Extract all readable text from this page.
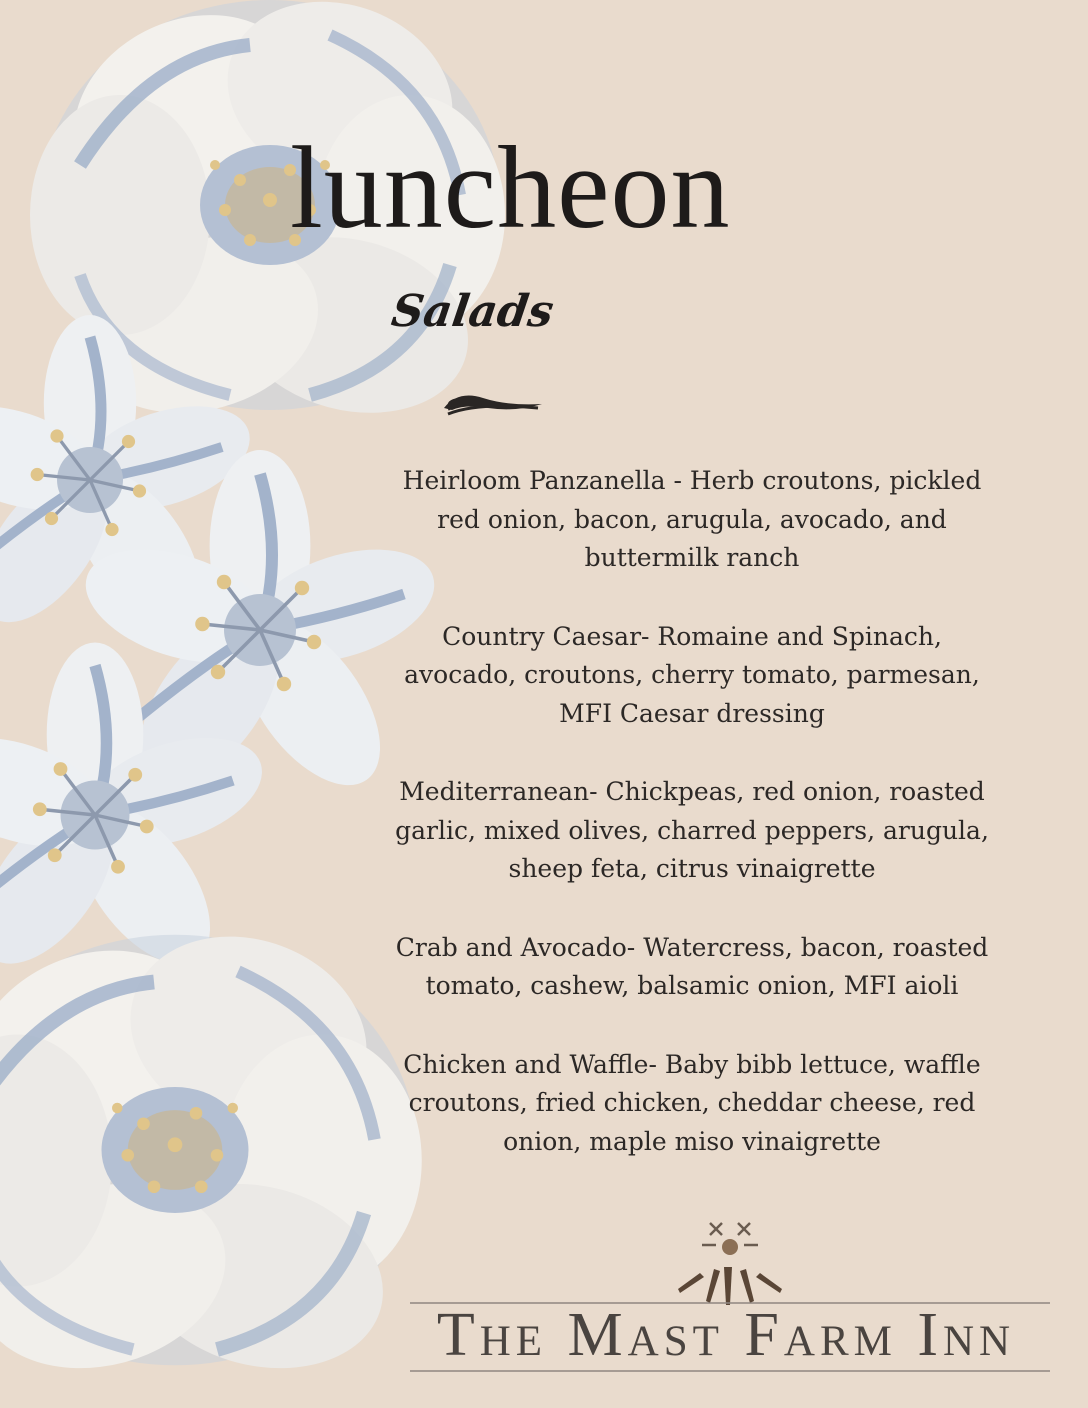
luncheon
Salads
Heirloom Panzanella - Herb croutons, pickled
red onion, bacon, arugula, avocado, and
buttermilk ranch
Country Caesar- Romaine and Spinach,
avocado, croutons, cherry tomato, parmesan,
MFI Caesar dressing
Mediterranean- Chickpeas, red onion, roasted
garlic, mixed olives, charred peppers, arugula,
sheep feta, citrus vinaigrette
Crab and Avocado- Watercress, bacon, roasted
tomato, cashew, balsamic onion, MFI aioli
Chicken and Waffle- Baby bibb lettuce, waffle
croutons, fried chicken, cheddar cheese, red
onion, maple miso vinaigrette
The Mast Farm Inn
